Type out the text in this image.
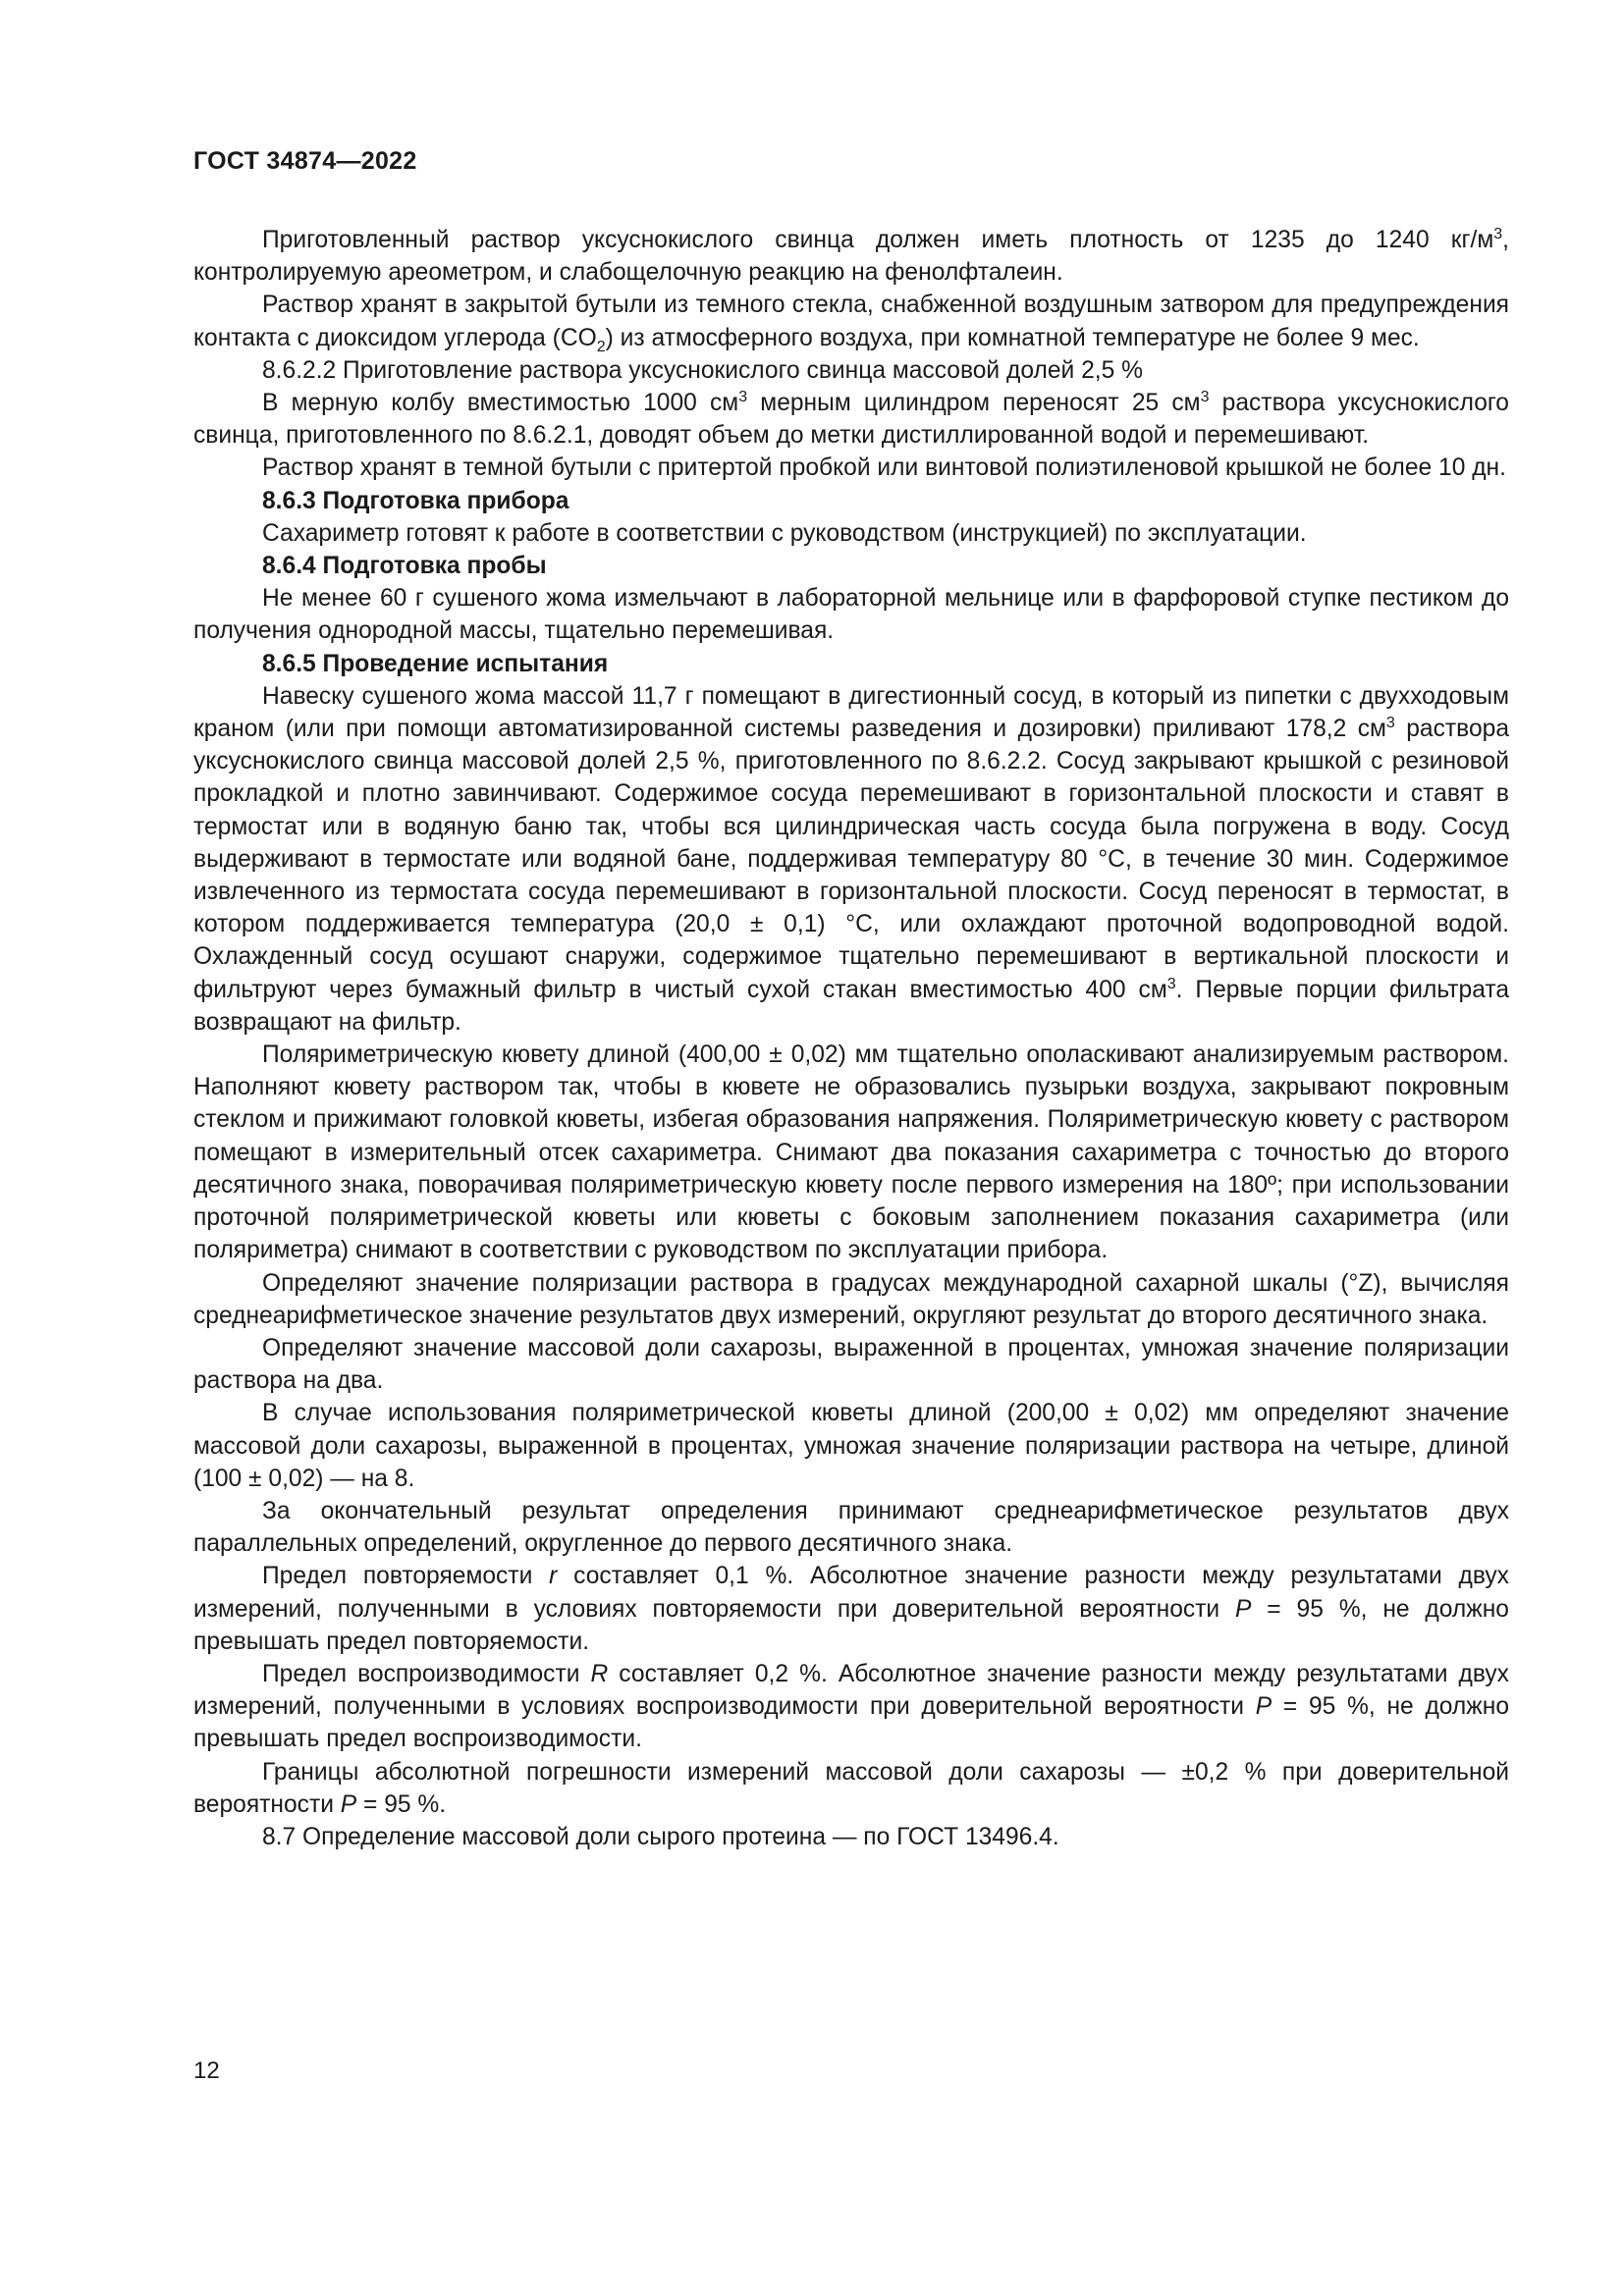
ГОСТ 34874—2022

Приготовленный раствор уксуснокислого свинца должен иметь плотность от 1235 до 1240 $кг/м^3$, контролируемую ареометром, и слабощелочную реакцию на фенолфталеин.

Раствор хранят в закрытой бутыли из темного стекла, снабженной воздушным затвором для предупреждения контакта с диоксидом углерода $(CO_2)$ из атмосферного воздуха, при комнатной температуре не более 9 мес.

8.6.2.2 Приготовление раствора уксуснокислого свинца массовой долей 2,5 %

В мерную колбу вместимостью 1000 $см^3$ мерным цилиндром переносят 25 $см^3$ раствора уксуснокислого свинца, приготовленного по 8.6.2.1, доводят объем до метки дистиллированной водой и перемешивают.

Раствор хранят в темной бутыли с притертой пробкой или винтовой полиэтиленовой крышкой не более 10 дн.

8.6.3 Подготовка прибора

Сахариметр готовят к работе в соответствии с руководством (инструкцией) по эксплуатации.

8.6.4 Подготовка пробы

Не менее 60 г сушеного жома измельчают в лабораторной мельнице или в фарфоровой ступке пестиком до получения однородной массы, тщательно перемешивая.

8.6.5 Проведение испытания

Навеску сушеного жома массой 11,7 г помещают в дигестионный сосуд, в который из пипетки с двухходовым краном (или при помощи автоматизированной системы разведения и дозировки) приливают 178,2 $см^3$ раствора уксуснокислого свинца массовой долей 2,5 %, приготовленного по 8.6.2.2. Сосуд закрывают крышкой с резиновой прокладкой и плотно завинчивают. Содержимое сосуда перемешивают в горизонтальной плоскости и ставят в термостат или в водяную баню так, чтобы вся цилиндрическая часть сосуда была погружена в воду. Сосуд выдерживают в термостате или водяной бане, поддерживая температуру 80 °С, в течение 30 мин. Содержимое извлеченного из термостата сосуда перемешивают в горизонтальной плоскости. Сосуд переносят в термостат, в котором поддерживается температура (20,0 ± 0,1) °С, или охлаждают проточной водопроводной водой. Охлажденный сосуд осушают снаружи, содержимое тщательно перемешивают в вертикальной плоскости и фильтруют через бумажный фильтр в чистый сухой стакан вместимостью 400 $см^3$. Первые порции фильтрата возвращают на фильтр.

Поляриметрическую кювету длиной (400,00 ± 0,02) мм тщательно ополаскивают анализируемым раствором. Наполняют кювету раствором так, чтобы в кювете не образовались пузырьки воздуха, закрывают покровным стеклом и прижимают головкой кюветы, избегая образования напряжения. Поляриметрическую кювету с раствором помещают в измерительный отсек сахариметра. Снимают два показания сахариметра с точностью до второго десятичного знака, поворачивая поляриметрическую кювету после первого измерения на 180º; при использовании проточной поляриметрической кюветы или кюветы с боковым заполнением показания сахариметра (или поляриметра) снимают в соответствии с руководством по эксплуатации прибора.

Определяют значение поляризации раствора в градусах международной сахарной шкалы (°Z), вычисляя среднеарифметическое значение результатов двух измерений, округляют результат до второго десятичного знака.

Определяют значение массовой доли сахарозы, выраженной в процентах, умножая значение поляризации раствора на два.

В случае использования поляриметрической кюветы длиной (200,00 ± 0,02) мм определяют значение массовой доли сахарозы, выраженной в процентах, умножая значение поляризации раствора на четыре, длиной (100 ± 0,02) — на 8.

За окончательный результат определения принимают среднеарифметическое результатов двух параллельных определений, округленное до первого десятичного знака.

Предел повторяемости r составляет 0,1 %. Абсолютное значение разности между результатами двух измерений, полученными в условиях повторяемости при доверительной вероятности P = 95 %, не должно превышать предел повторяемости.

Предел воспроизводимости R составляет 0,2 %. Абсолютное значение разности между результатами двух измерений, полученными в условиях воспроизводимости при доверительной вероятности P = 95 %, не должно превышать предел воспроизводимости.

Границы абсолютной погрешности измерений массовой доли сахарозы — ±0,2 % при доверительной вероятности P = 95 %.

8.7 Определение массовой доли сырого протеина — по ГОСТ 13496.4.

12
